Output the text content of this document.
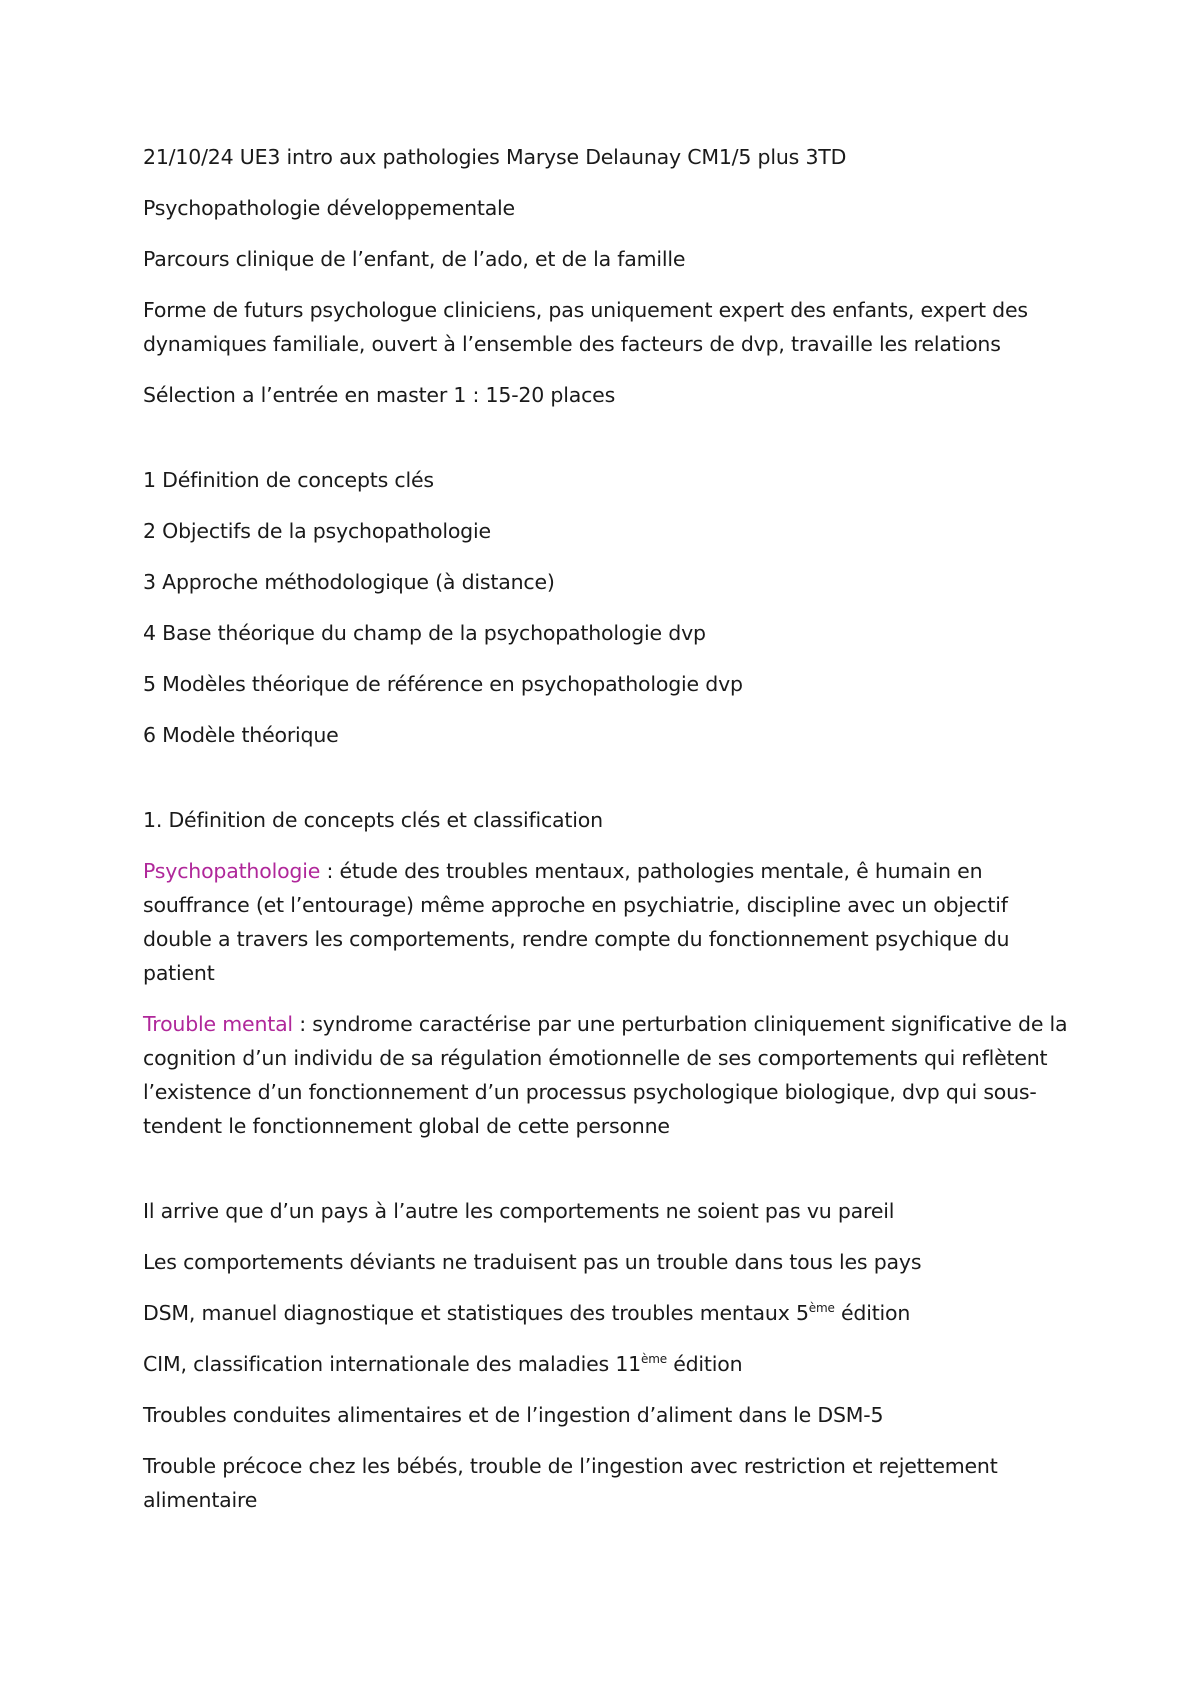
21/10/24 UE3 intro aux pathologies Maryse Delaunay CM1/5 plus 3TD

Psychopathologie développementale

Parcours clinique de l’enfant, de l’ado, et de la famille

Forme de futurs psychologue cliniciens, pas uniquement expert des enfants, expert des dynamiques familiale, ouvert à l’ensemble des facteurs de dvp, travaille les relations

Sélection a l’entrée en master 1 : 15-20 places

1 Définition de concepts clés

2 Objectifs de la psychopathologie

3 Approche méthodologique (à distance)

4 Base théorique du champ de la psychopathologie dvp

5 Modèles théorique de référence en psychopathologie dvp

6 Modèle théorique

1. Définition de concepts clés et classification

Psychopathologie : étude des troubles mentaux, pathologies mentale, ê humain en souffrance (et l’entourage) même approche en psychiatrie, discipline avec un objectif double a travers les comportements, rendre compte du fonctionnement psychique du patient

Trouble mental : syndrome caractérise par une perturbation cliniquement significative de la cognition d’un individu de sa régulation émotionnelle de ses comportements qui reflètent l’existence d’un fonctionnement d’un processus psychologique biologique, dvp qui sous-tendent le fonctionnement global de cette personne

Il arrive que d’un pays à l’autre les comportements ne soient pas vu pareil

Les comportements déviants ne traduisent pas un trouble dans tous les pays

DSM, manuel diagnostique et statistiques des troubles mentaux 5ème édition

CIM, classification internationale des maladies 11ème édition

Troubles conduites alimentaires et de l’ingestion d’aliment dans le DSM-5

Trouble précoce chez les bébés, trouble de l’ingestion avec restriction et rejettement alimentaire
